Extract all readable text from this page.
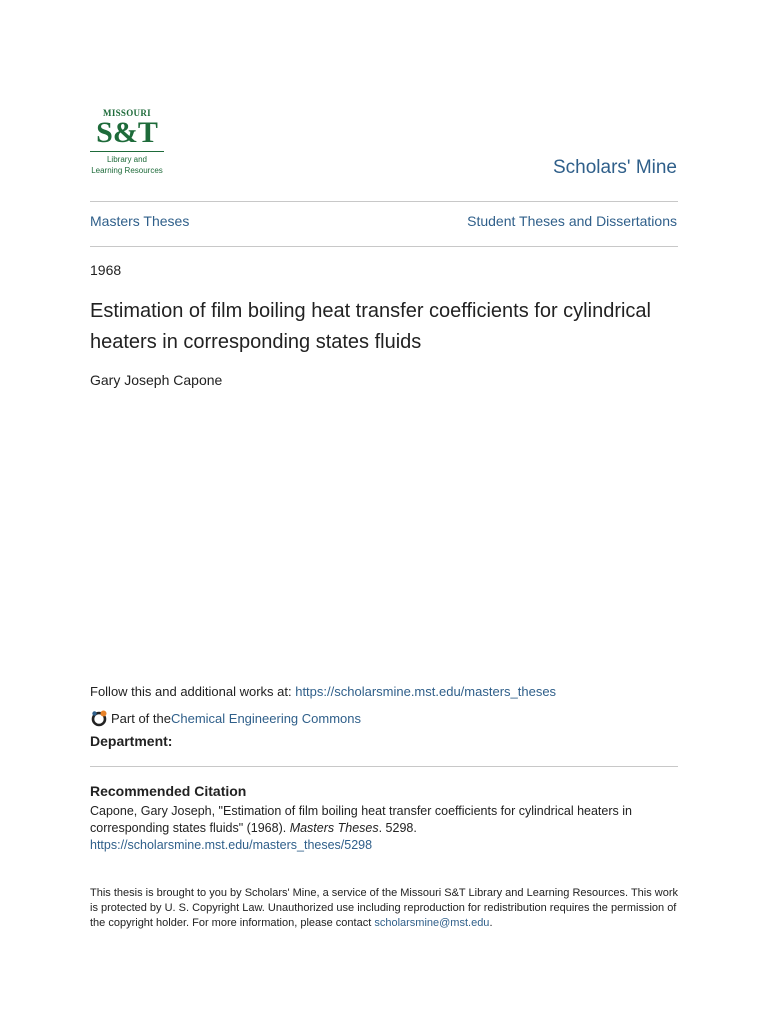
MISSOURI
S&T
Library and
Learning Resources	Scholars' Mine
Masters Theses	Student Theses and Dissertations
1968
Estimation of film boiling heat transfer coefficients for cylindrical heaters in corresponding states fluids
Gary Joseph Capone
Follow this and additional works at: https://scholarsmine.mst.edu/masters_theses
Part of the Chemical Engineering Commons
Department:
Recommended Citation
Capone, Gary Joseph, "Estimation of film boiling heat transfer coefficients for cylindrical heaters in corresponding states fluids" (1968). Masters Theses. 5298.
https://scholarsmine.mst.edu/masters_theses/5298
This thesis is brought to you by Scholars' Mine, a service of the Missouri S&T Library and Learning Resources. This work is protected by U. S. Copyright Law. Unauthorized use including reproduction for redistribution requires the permission of the copyright holder. For more information, please contact scholarsmine@mst.edu.
